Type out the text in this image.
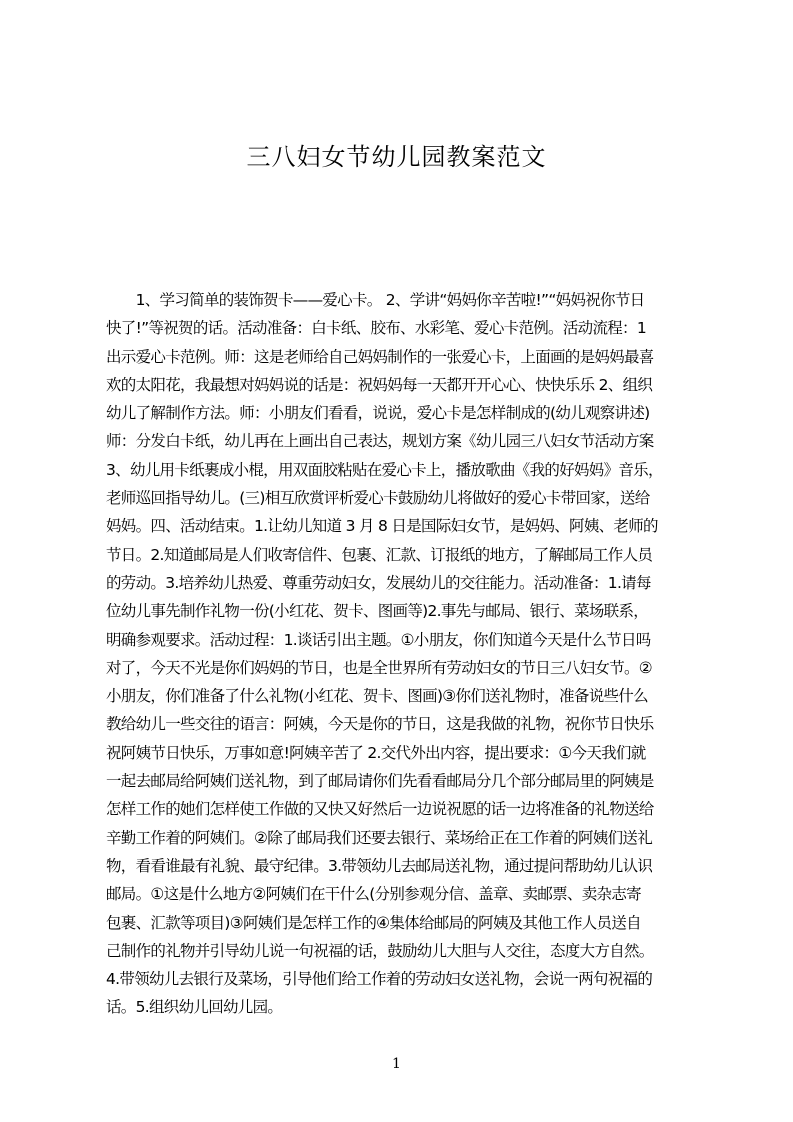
三八妇女节幼儿园教案范文
　　1、学习简单的装饰贺卡——爱心卡。 2、学讲“妈妈你辛苦啦!”“妈妈祝你节日
快了!”等祝贺的话。活动准备：白卡纸、胶布、水彩笔、爱心卡范例。活动流程：1
出示爱心卡范例。师：这是老师给自己妈妈制作的一张爱心卡，上面画的是妈妈最喜
欢的太阳花，我最想对妈妈说的话是：祝妈妈每一天都开开心心、快快乐乐 2、组织
幼儿了解制作方法。师：小朋友们看看，说说，爱心卡是怎样制成的(幼儿观察讲述)
师：分发白卡纸，幼儿再在上画出自己表达，规划方案《幼儿园三八妇女节活动方案
3、幼儿用卡纸裹成小棍，用双面胶粘贴在爱心卡上，播放歌曲《我的好妈妈》音乐，
老师巡回指导幼儿。(三)相互欣赏评析爱心卡鼓励幼儿将做好的爱心卡带回家，送给
妈妈。四、活动结束。1.让幼儿知道 3 月 8 日是国际妇女节，是妈妈、阿姨、老师的
节日。2.知道邮局是人们收寄信件、包裹、汇款、订报纸的地方，了解邮局工作人员
的劳动。3.培养幼儿热爱、尊重劳动妇女，发展幼儿的交往能力。活动准备：1.请每
位幼儿事先制作礼物一份(小红花、贺卡、图画等)2.事先与邮局、银行、菜场联系，
明确参观要求。活动过程：1.谈话引出主题。①小朋友，你们知道今天是什么节日吗
对了，今天不光是你们妈妈的节日，也是全世界所有劳动妇女的节日三八妇女节。②
小朋友，你们准备了什么礼物(小红花、贺卡、图画)③你们送礼物时，准备说些什么
教给幼儿一些交往的语言：阿姨，今天是你的节日，这是我做的礼物，祝你节日快乐
祝阿姨节日快乐，万事如意!阿姨辛苦了 2.交代外出内容，提出要求：①今天我们就
一起去邮局给阿姨们送礼物，到了邮局请你们先看看邮局分几个部分邮局里的阿姨是
怎样工作的她们怎样使工作做的又快又好然后一边说祝愿的话一边将准备的礼物送给
辛勤工作着的阿姨们。②除了邮局我们还要去银行、菜场给正在工作着的阿姨们送礼
物，看看谁最有礼貌、最守纪律。3.带领幼儿去邮局送礼物，通过提问帮助幼儿认识
邮局。①这是什么地方②阿姨们在干什么(分别参观分信、盖章、卖邮票、卖杂志寄
包裹、汇款等项目)③阿姨们是怎样工作的④集体给邮局的阿姨及其他工作人员送自
己制作的礼物并引导幼儿说一句祝福的话，鼓励幼儿大胆与人交往，态度大方自然。
4.带领幼儿去银行及菜场，引导他们给工作着的劳动妇女送礼物，会说一两句祝福的
话。5.组织幼儿回幼儿园。
1
